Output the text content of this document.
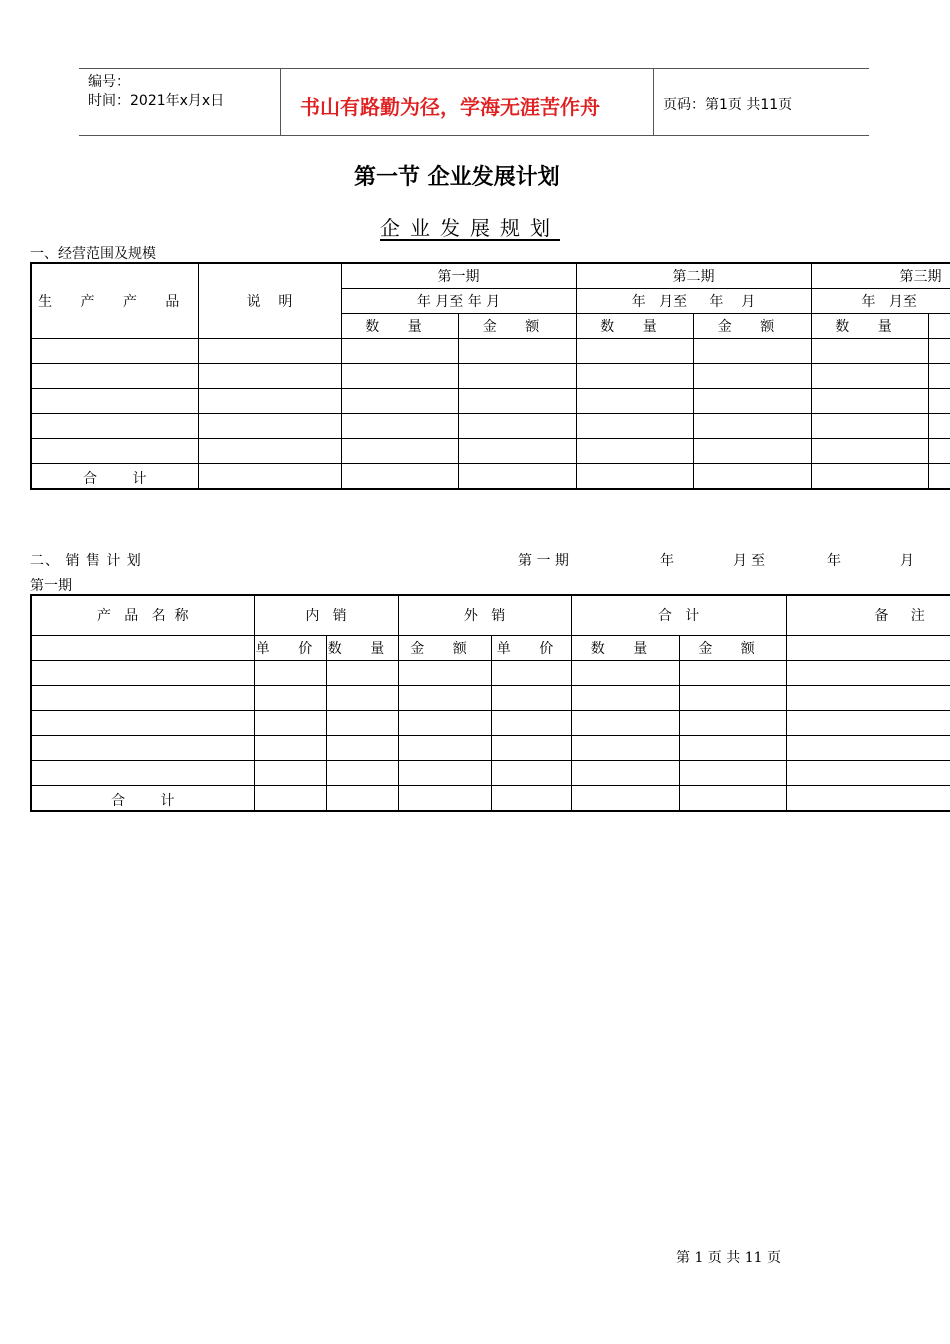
编号：
时间：2021年x月x日	书山有路勤为径，学海无涯苦作舟	页码：第1页 共11页
第一节 企业发展计划
企业发展规划
一、经营范围及规模
生 产 产 品	说    明	第一期		第二期		第三期	
		年 月至 年 月		年   月至     年    月		年   月至	
		数 量	金 额	数 量	金 额	数 量	

合        计							
二、 销 售 计 划	第 一 期	年	月至	年	月
第一期
产   品   名  称	内   销		外   销		合   计		备     注
	单 价	数 量	金 额	单 价	数 量	金 额	

合        计							
第 1 页 共 11 页
